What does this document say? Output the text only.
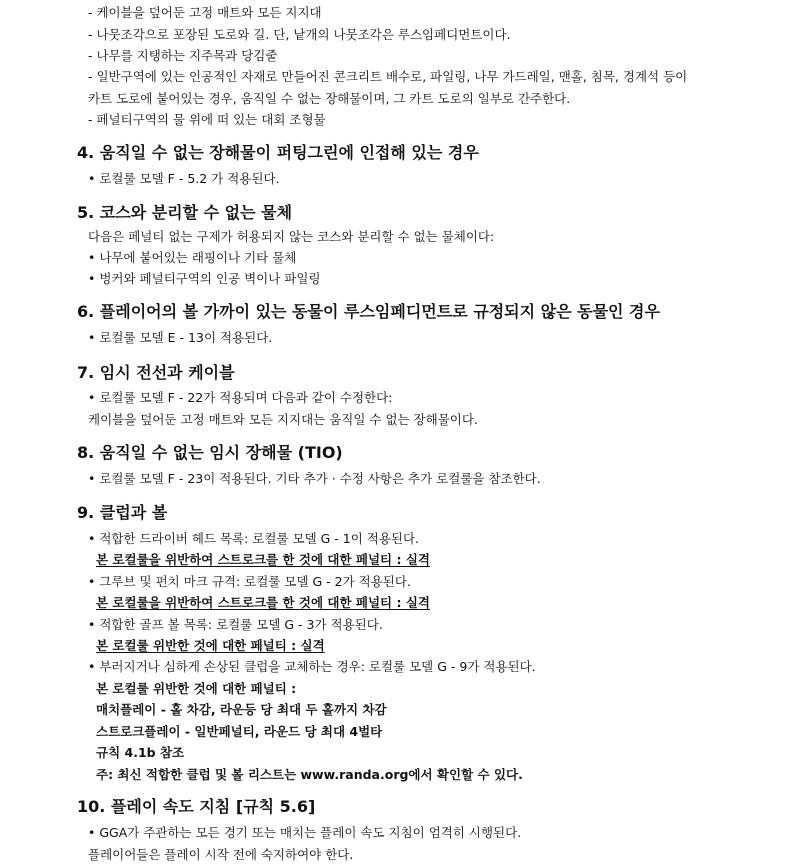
- 케이블을 덮어둔 고정 매트와 모든 지지대
- 나뭇조각으로 포장된 도로와 길. 단, 낱개의 나뭇조각은 루스임페디먼트이다.
- 나무를 지탱하는 지주목과 당김줄
- 일반구역에 있는 인공적인 자재로 만들어진 콘크리트 배수로, 파일링, 나무 가드레일, 맨홀, 침목, 경계석 등이
카트 도로에 붙어있는 경우, 움직일 수 없는 장해물이며, 그 카트 도로의 일부로 간주한다.
- 페널티구역의 물 위에 떠 있는 대회 조형물
4. 움직일 수 없는 장해물이 퍼팅그린에 인접해 있는 경우
• 로컬룰 모델 F - 5.2 가 적용된다.
5. 코스와 분리할 수 없는 물체
다음은 페널티 없는 구제가 허용되지 않는 코스와 분리할 수 없는 물체이다:
• 나무에 붙어있는 래핑이나 기타 물체
• 벙커와 페널티구역의 인공 벽이나 파일링
6. 플레이어의 볼 가까이 있는 동물이 루스임페디먼트로 규정되지 않은 동물인 경우
• 로컬룰 모델 E - 13이 적용된다.
7. 임시 전선과 케이블
• 로컬룰 모델 F - 22가 적용되며 다음과 같이 수정한다:
케이블을 덮어둔 고정 매트와 모든 지지대는 움직일 수 없는 장해물이다.
8. 움직일 수 없는 임시 장해물 (TIO)
• 로컬룰 모델 F - 23이 적용된다. 기타 추가 · 수정 사항은 추가 로컬룰을 참조한다.
9. 클럽과 볼
• 적합한 드라이버 헤드 목록: 로컬룰 모델 G - 1이 적용된다.
본 로컬룰을 위반하여 스트로크를 한 것에 대한 페널티 : 실격
• 그루브 및 펀치 마크 규격: 로컬룰 모델 G - 2가 적용된다.
본 로컬룰을 위반하여 스트로크를 한 것에 대한 페널티 : 실격
• 적합한 골프 볼 목록: 로컬룰 모델 G - 3가 적용된다.
본 로컬룰 위반한 것에 대한 페널티 : 실격
• 부러지거나 심하게 손상된 클럽을 교체하는 경우: 로컬룰 모델 G - 9가 적용된다.
본 로컬룰 위반한 것에 대한 페널티 :
매치플레이 - 홀 차감, 라운등 당 최대 두 홀까지 차감
스트로크플레이 - 일반페널티, 라운드 당 최대 4벌타
규칙 4.1b 참조
주: 최신 적합한 클럽 및 볼 리스트는 www.randa.org에서 확인할 수 있다.
10. 플레이 속도 지침 [규칙 5.6]
• GGA가 주관하는 모든 경기 또는 매치는 플레이 속도 지침이 엄격히 시행된다.
플레이어들은 플레이 시작 전에 숙지하여야 한다.
